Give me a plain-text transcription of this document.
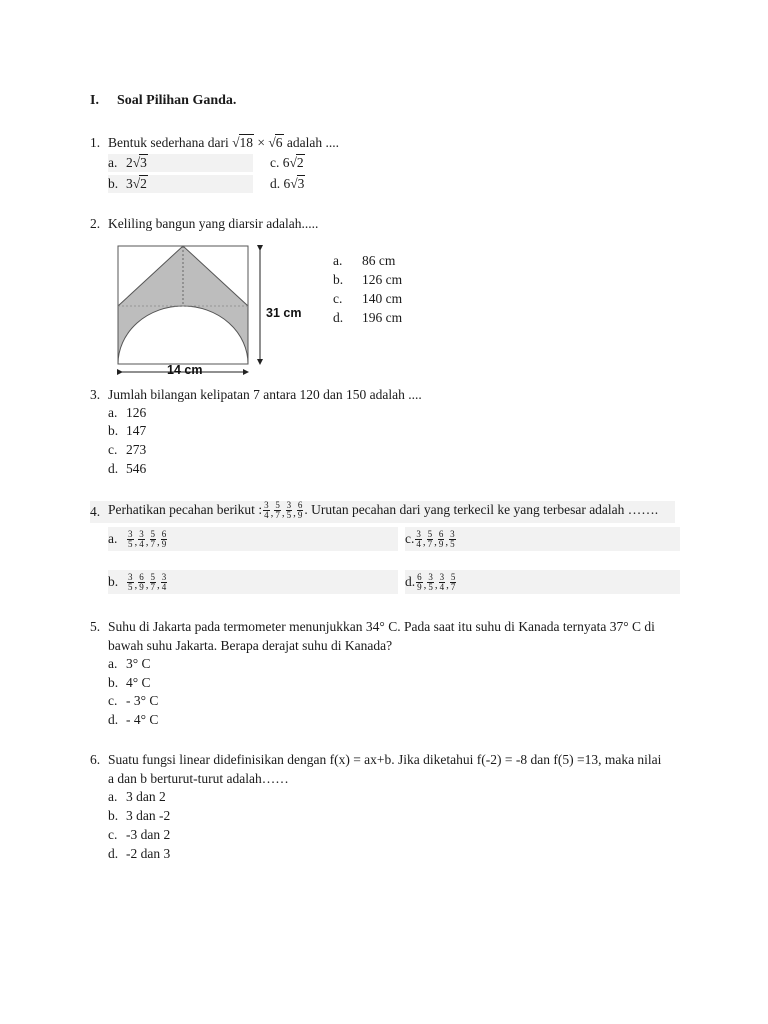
I. Soal Pilihan Ganda.
1. Bentuk sederhana dari √18 × √6 adalah ....
a. 2√3
b. 3√2
c. 6√2
d. 6√3
2. Keliling bangun yang diarsir adalah.....
31 cm
14 cm
a. 86 cm
b. 126 cm
c. 140 cm
d. 196 cm
3. Jumlah bilangan kelipatan 7 antara 120 dan 150 adalah ....
a. 126
b. 147
c. 273
d. 546
4. Perhatikan pecahan berikut : $\frac{3}{4}$ , $\frac{5}{7}$ , $\frac{3}{5}$ , $\frac{6}{9}$ . Urutan pecahan dari yang terkecil ke yang terbesar adalah …….
a.	$\frac{3}{5}$ , $\frac{3}{4}$ , $\frac{5}{7}$ , $\frac{6}{9}$
b. $\frac{3}{5}$ , $\frac{6}{9}$ , $\frac{5}{7}$ , $\frac{3}{4}$
c. $\frac{3}{4}$ , $\frac{5}{7}$ , $\frac{6}{9}$ , $\frac{3}{5}$
d. $\frac{6}{9}$ , $\frac{3}{5}$ , $\frac{3}{4}$ , $\frac{5}{7}$
5. Suhu di Jakarta pada termometer menunjukkan 34° C. Pada saat itu suhu di Kanada ternyata 37° C di
bawah suhu Jakarta. Berapa derajat suhu di Kanada?
a. 3° C
b. 4° C
c. - 3° C
d. - 4° C
6. Suatu fungsi linear didefinisikan dengan f(x) = ax+b. Jika diketahui f(-2) = -8 dan f(5) =13, maka nilai
a dan b berturut-turut adalah……
a. 3 dan 2
b. 3 dan -2
c. -3 dan 2
d. -2 dan 3
